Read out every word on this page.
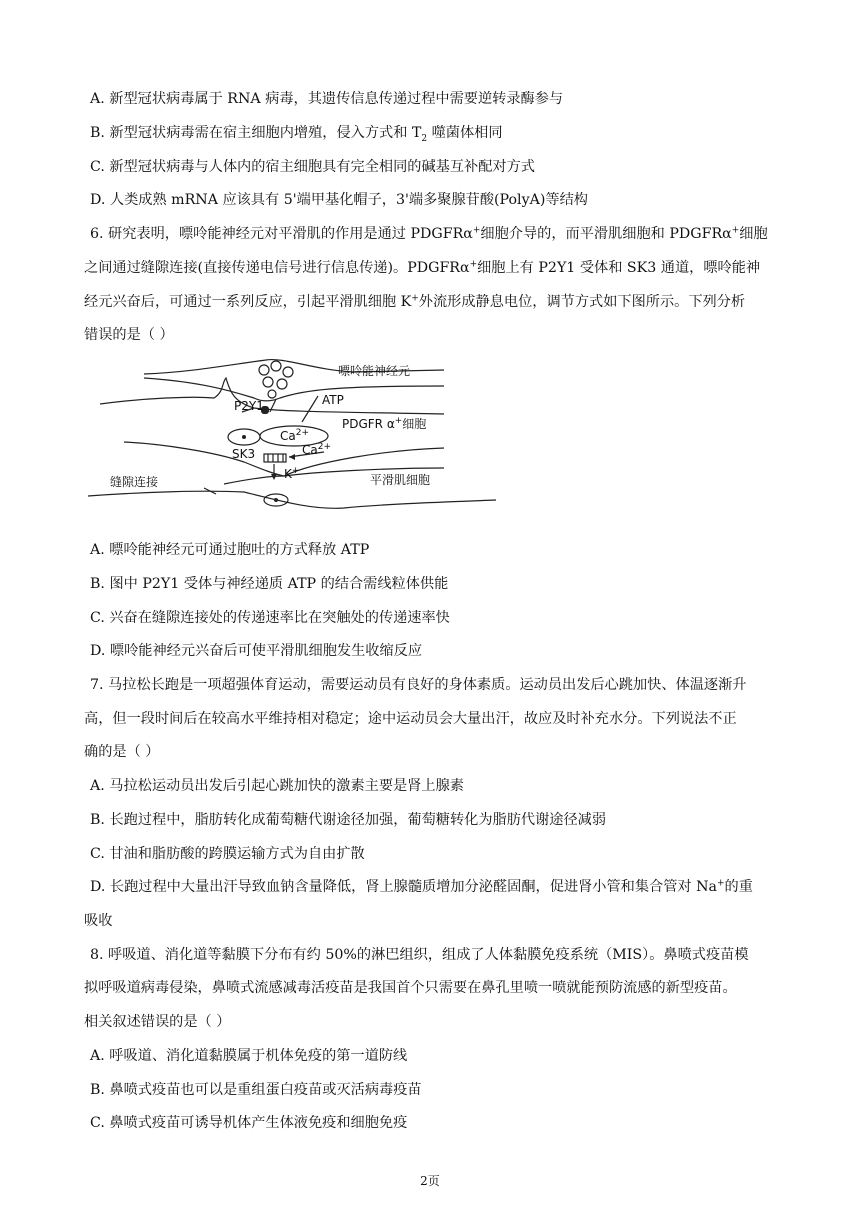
A. 新型冠状病毒属于 RNA 病毒，其遗传信息传递过程中需要逆转录酶参与
B. 新型冠状病毒需在宿主细胞内增殖，侵入方式和 $T_2$ 噬菌体相同
C. 新型冠状病毒与人体内的宿主细胞具有完全相同的碱基互补配对方式
D. 人类成熟 mRNA 应该具有 5'端甲基化帽子，3'端多聚腺苷酸(PolyA)等结构
6. 研究表明，嘌呤能神经元对平滑肌的作用是通过 PDGFRα+细胞介导的，而平滑肌细胞和 PDGFRα+细胞
之间通过缝隙连接(直接传递电信号进行信息传递)。PDGFRα+细胞上有 P2Y1 受体和 SK3 通道，嘌呤能神
经元兴奋后，可通过一系列反应，引起平滑肌细胞 K+外流形成静息电位，调节方式如下图所示。下列分析
错误的是（ ）
嘌呤能神经元
P2Y1	ATP
PDGFR α+细胞
$Ca^{2+}$
$Ca^{2+}$
SK3
K+
缝隙连接	平滑肌细胞
A. 嘌呤能神经元可通过胞吐的方式释放 ATP
B. 图中 P2Y1 受体与神经递质 ATP 的结合需线粒体供能
C. 兴奋在缝隙连接处的传递速率比在突触处的传递速率快
D. 嘌呤能神经元兴奋后可使平滑肌细胞发生收缩反应
7. 马拉松长跑是一项超强体育运动，需要运动员有良好的身体素质。运动员出发后心跳加快、体温逐渐升
高，但一段时间后在较高水平维持相对稳定；途中运动员会大量出汗，故应及时补充水分。下列说法不正
确的是（ ）
A. 马拉松运动员出发后引起心跳加快的激素主要是肾上腺素
B. 长跑过程中，脂肪转化成葡萄糖代谢途径加强，葡萄糖转化为脂肪代谢途径减弱
C. 甘油和脂肪酸的跨膜运输方式为自由扩散
D. 长跑过程中大量出汗导致血钠含量降低，肾上腺髓质增加分泌醛固酮，促进肾小管和集合管对 Na+的重
吸收
8. 呼吸道、消化道等黏膜下分布有约 50%的淋巴组织，组成了人体黏膜免疫系统（MIS）。鼻喷式疫苗模
拟呼吸道病毒侵染，鼻喷式流感减毒活疫苗是我国首个只需要在鼻孔里喷一喷就能预防流感的新型疫苗。
相关叙述错误的是（ ）
A. 呼吸道、消化道黏膜属于机体免疫的第一道防线
B. 鼻喷式疫苗也可以是重组蛋白疫苗或灭活病毒疫苗
C. 鼻喷式疫苗可诱导机体产生体液免疫和细胞免疫
2页
